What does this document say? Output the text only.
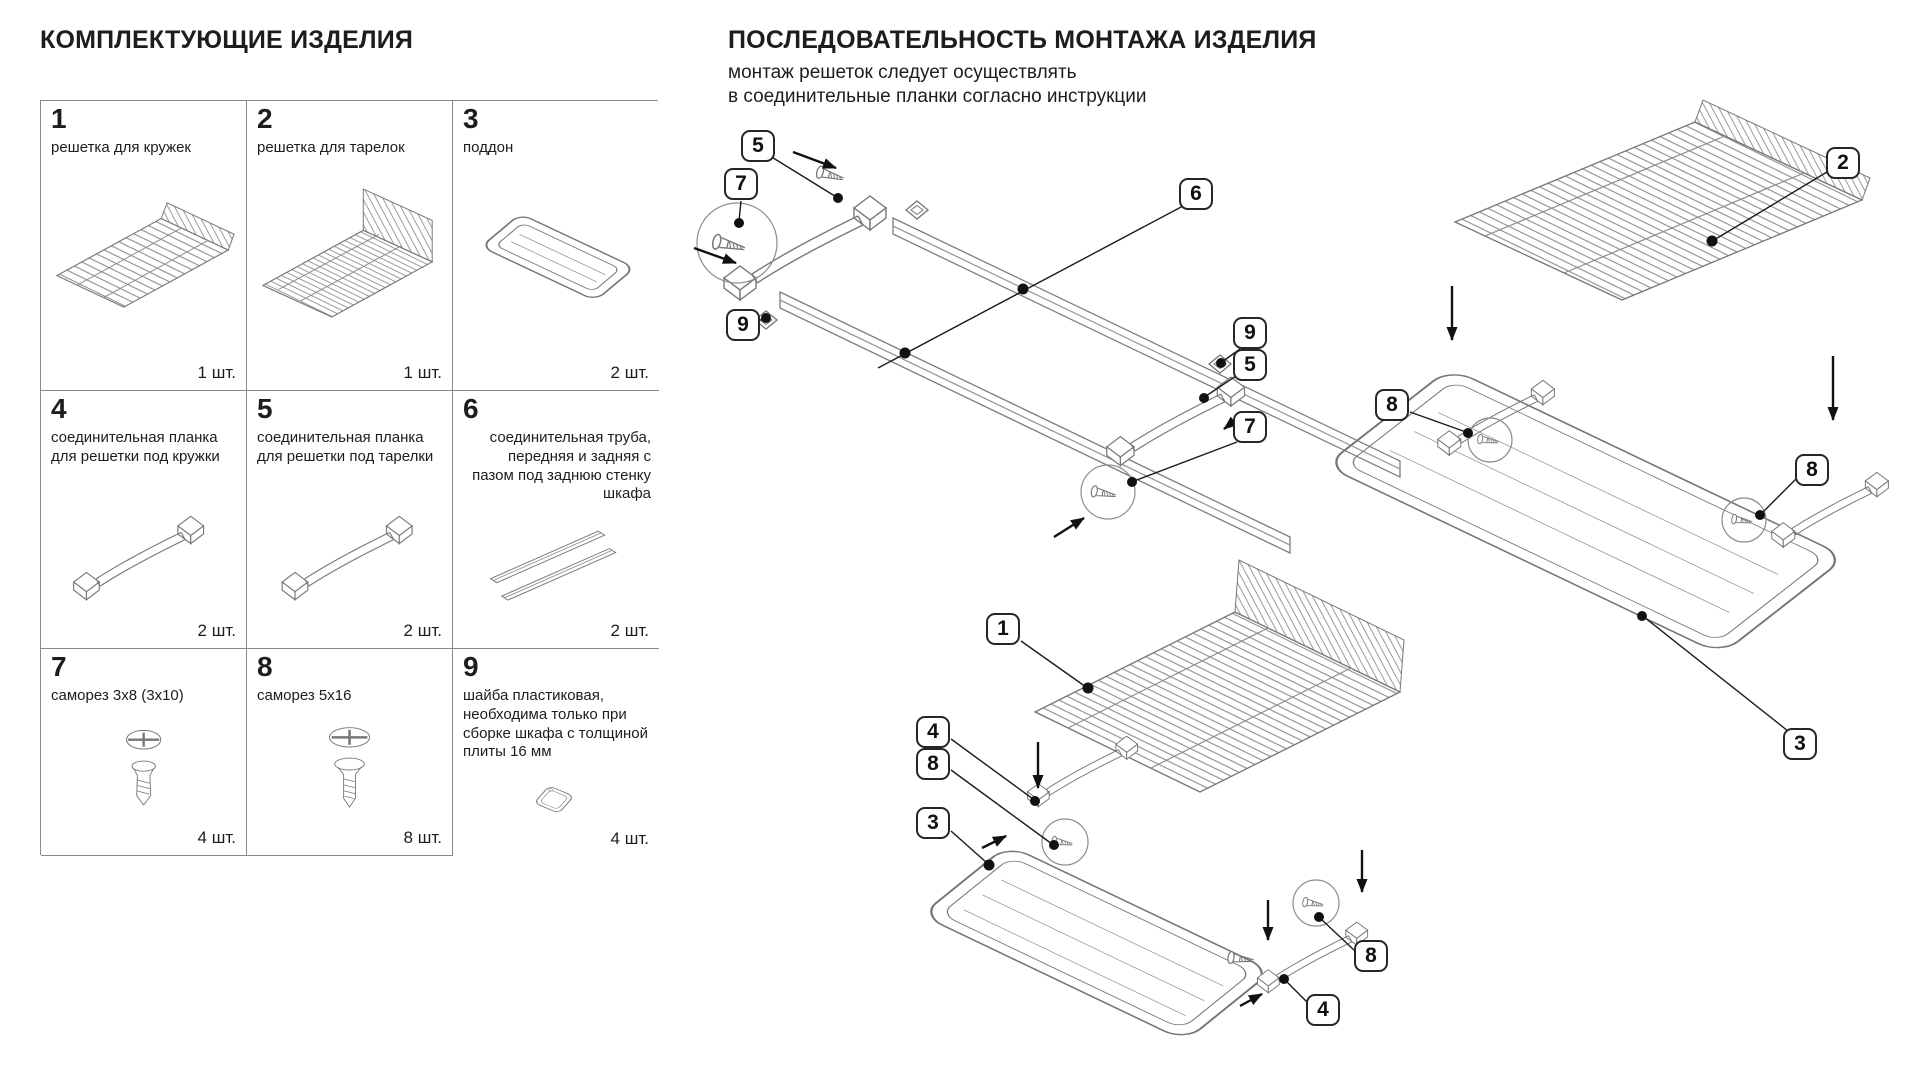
5
7
9
6
9
5
7
2
8
8
3
1
4
8
3
8
4
КОМПЛЕКТУЮЩИЕ ИЗДЕЛИЯ	ПОСЛЕДОВАТЕЛЬНОСТЬ МОНТАЖА ИЗДЕЛИЯ
монтаж решеток следует осуществлять
в соединительные планки согласно инструкции
1
решетка для кружек
1 шт.
2
решетка для тарелок
1 шт.
3
поддон
2 шт.
4
соединительная планка для решетки под кружки
2 шт.
5
соединительная планка для решетки под тарелки
2 шт.
6
соединительная труба, передняя и задняя с пазом под заднюю стенку шкафа
2 шт.
7
саморез 3x8 (3x10)
4 шт.
8
саморез 5x16
8 шт.
9
шайба пластиковая, необходима только при сборке шкафа с толщиной плиты 16 мм
4 шт.
